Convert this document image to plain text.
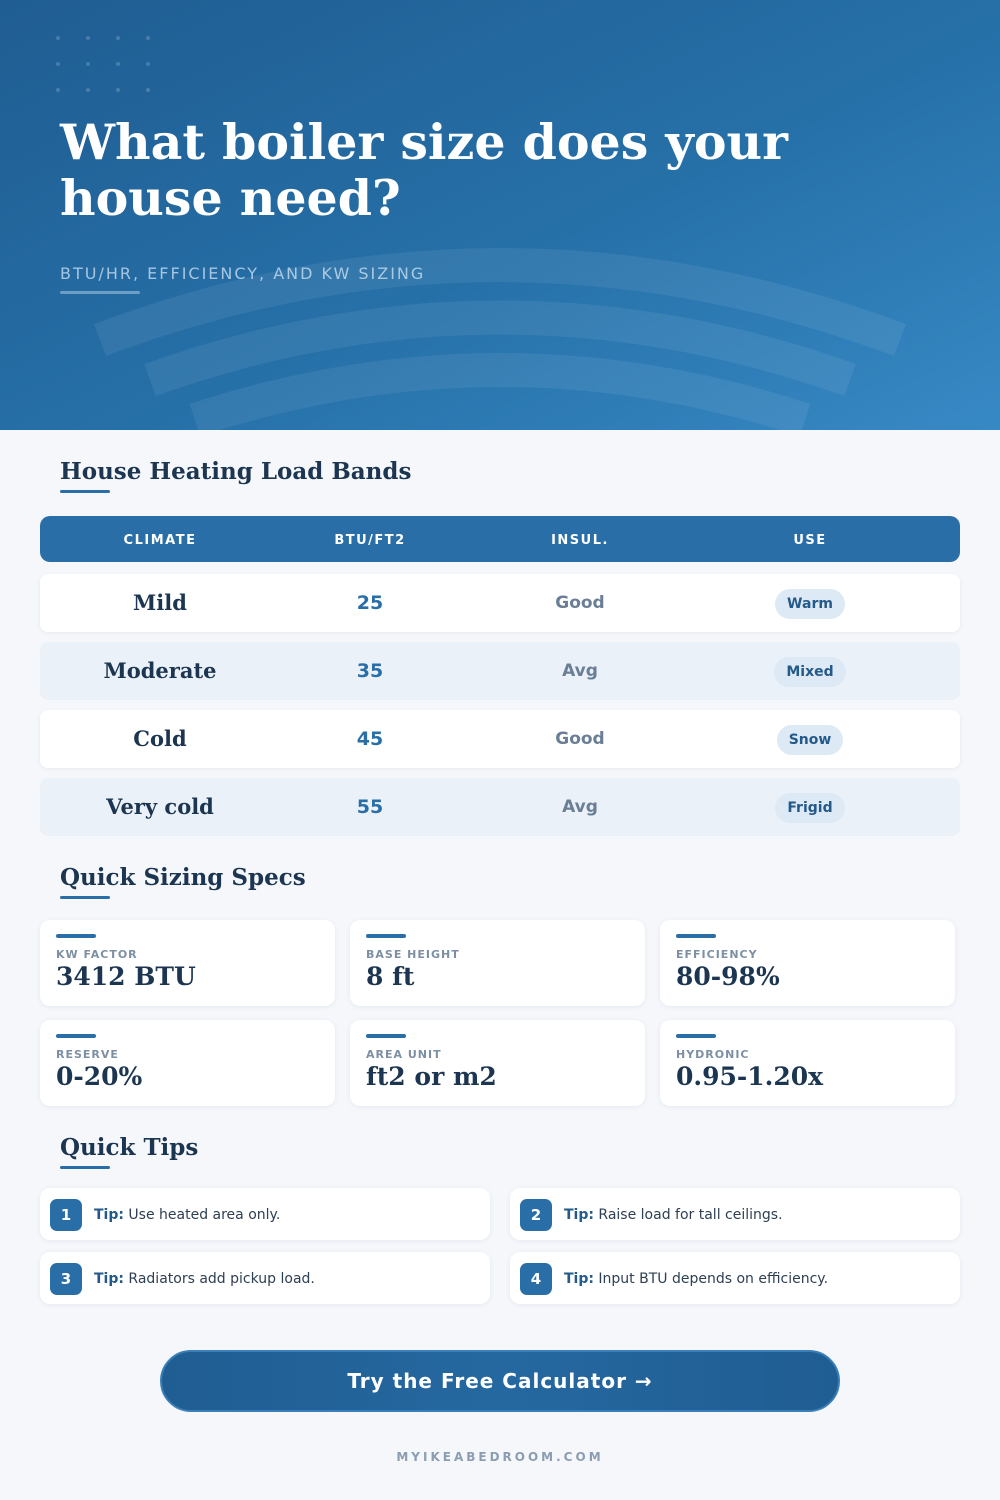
What boiler size does your house need?
BTU/HR, EFFICIENCY, AND KW SIZING
House Heating Load Bands
CLIMATE	BTU/FT2	INSUL.	USE
Mild	25	Good	Warm
Moderate	35	Avg	Mixed
Cold	45	Good	Snow
Very cold	55	Avg	Frigid
Quick Sizing Specs
KW FACTOR
3412 BTU
BASE HEIGHT
8 ft
EFFICIENCY
80-98%
RESERVE
0-20%
AREA UNIT
ft2 or m2
HYDRONIC
0.95-1.20x
Quick Tips
1	Tip: Use heated area only.	2	Tip: Raise load for tall ceilings.
3	Tip: Radiators add pickup load.	4	Tip: Input BTU depends on efficiency.
Try the Free Calculator →
MYIKEABEDROOM.COM
